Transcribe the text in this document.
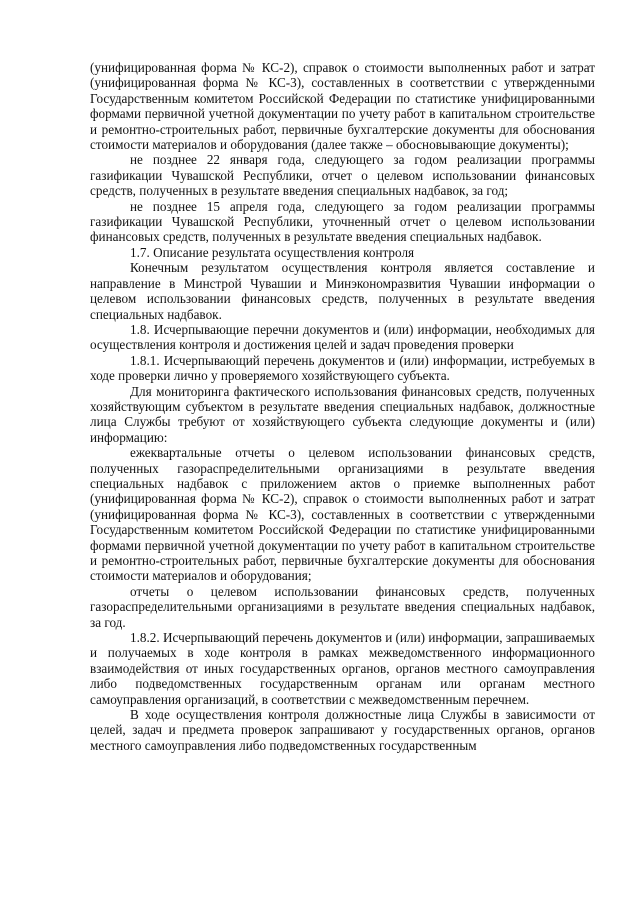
(унифицированная форма № КС-2), справок о стоимости выполненных работ и затрат (унифицированная форма № КС-3), составленных в соответствии с утвержденными Государственным комитетом Российской Федерации по статистике унифицированными формами первичной учетной документации по учету работ в капитальном строительстве и ремонтно-строительных работ, первичные бухгалтерские документы для обоснования стоимости материалов и оборудования (далее также – обосновывающие документы);

не позднее 22 января года, следующего за годом реализации программы газификации Чувашской Республики, отчет о целевом использовании финансовых средств, полученных в результате введения специальных надбавок, за год;

не позднее 15 апреля года, следующего за годом реализации программы газификации Чувашской Республики, уточненный отчет о целевом использовании финансовых средств, полученных в результате введения специальных надбавок.

1.7. Описание результата осуществления контроля

Конечным результатом осуществления контроля является составление и направление в Минстрой Чувашии и Минэкономразвития Чувашии информации о целевом использовании финансовых средств, полученных в результате введения специальных надбавок.

1.8. Исчерпывающие перечни документов и (или) информации, необходимых для осуществления контроля и достижения целей и задач проведения проверки

1.8.1. Исчерпывающий перечень документов и (или) информации, истребуемых в ходе проверки лично у проверяемого хозяйствующего субъекта.

Для мониторинга фактического использования финансовых средств, полученных хозяйствующим субъектом в результате введения специальных надбавок, должностные лица Службы требуют от хозяйствующего субъекта следующие документы и (или) информацию:

ежеквартальные отчеты о целевом использовании финансовых средств, полученных газораспределительными организациями в результате введения специальных надбавок с приложением актов о приемке выполненных работ (унифицированная форма № КС-2), справок о стоимости выполненных работ и затрат (унифицированная форма № КС-3), составленных в соответствии с утвержденными Государственным комитетом Российской Федерации по статистике унифицированными формами первичной учетной документации по учету работ в капитальном строительстве и ремонтно-строительных работ, первичные бухгалтерские документы для обоснования стоимости материалов и оборудования;

отчеты о целевом использовании финансовых средств, полученных газораспределительными организациями в результате введения специальных надбавок, за год.

1.8.2. Исчерпывающий перечень документов и (или) информации, запрашиваемых и получаемых в ходе контроля в рамках межведомственного информационного взаимодействия от иных государственных органов, органов местного самоуправления либо подведомственных государственным органам или органам местного самоуправления организаций, в соответствии с межведомственным перечнем.

В ходе осуществления контроля должностные лица Службы в зависимости от целей, задач и предмета проверок запрашивают у государственных органов, органов местного самоуправления либо подведомственных государственным
